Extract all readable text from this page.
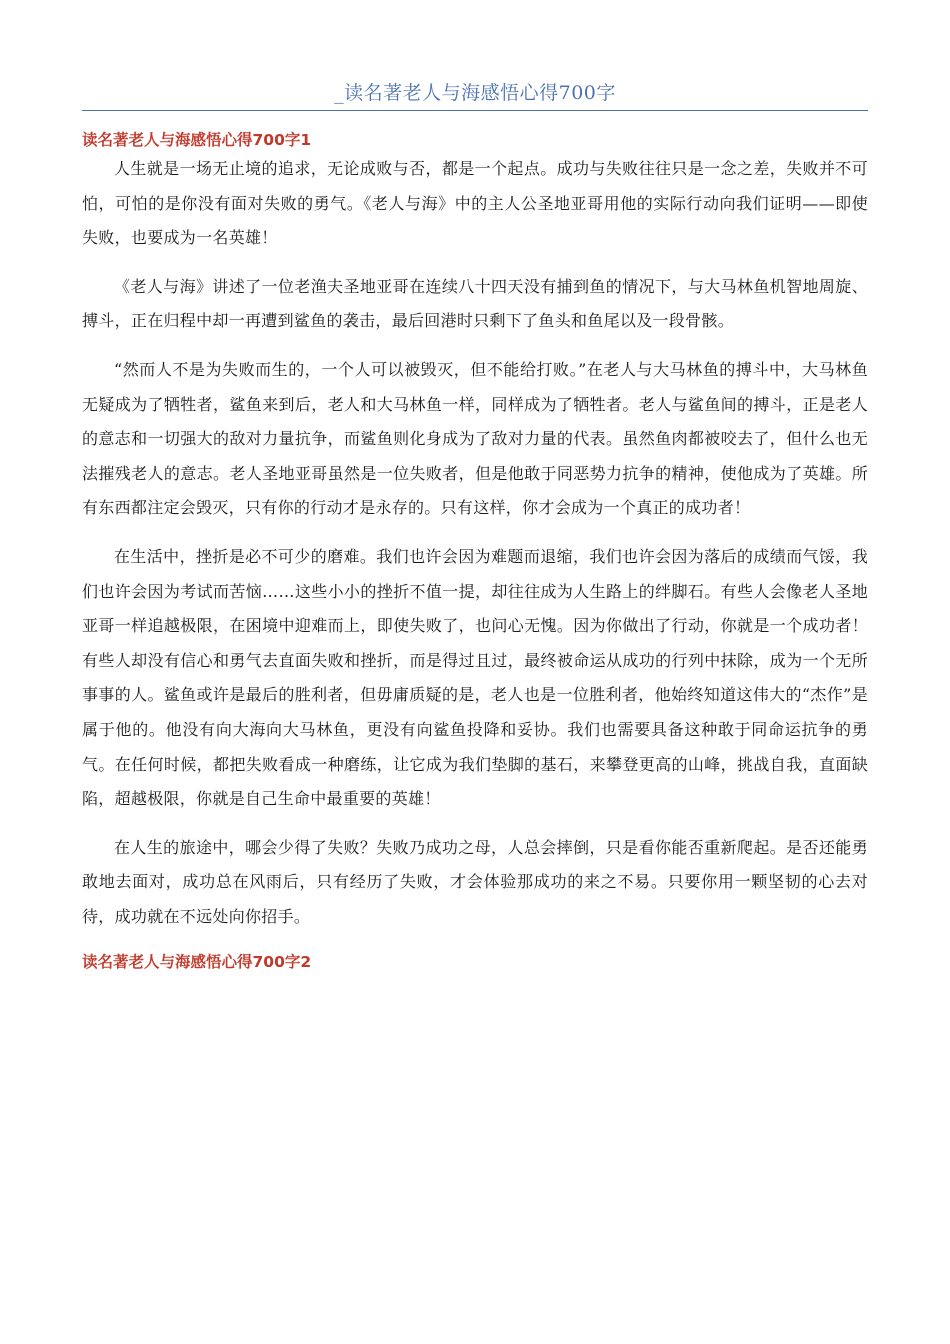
_读名著老人与海感悟心得700字
读名著老人与海感悟心得700字1

人生就是一场无止境的追求，无论成败与否，都是一个起点。成功与失败往往只是一念之差，失败并不可怕，可怕的是你没有面对失败的勇气。《老人与海》中的主人公圣地亚哥用他的实际行动向我们证明——即使失败，也要成为一名英雄！

《老人与海》讲述了一位老渔夫圣地亚哥在连续八十四天没有捕到鱼的情况下，与大马林鱼机智地周旋、搏斗，正在归程中却一再遭到鲨鱼的袭击，最后回港时只剩下了鱼头和鱼尾以及一段骨骸。

“然而人不是为失败而生的，一个人可以被毁灭，但不能给打败。”在老人与大马林鱼的搏斗中，大马林鱼无疑成为了牺牲者，鲨鱼来到后，老人和大马林鱼一样，同样成为了牺牲者。老人与鲨鱼间的搏斗，正是老人的意志和一切强大的敌对力量抗争，而鲨鱼则化身成为了敌对力量的代表。虽然鱼肉都被咬去了，但什么也无法摧残老人的意志。老人圣地亚哥虽然是一位失败者，但是他敢于同恶势力抗争的精神，使他成为了英雄。所有东西都注定会毁灭，只有你的行动才是永存的。只有这样，你才会成为一个真正的成功者！

在生活中，挫折是必不可少的磨难。我们也许会因为难题而退缩，我们也许会因为落后的成绩而气馁，我们也许会因为考试而苦恼……这些小小的挫折不值一提，却往往成为人生路上的绊脚石。有些人会像老人圣地亚哥一样追越极限，在困境中迎难而上，即使失败了，也问心无愧。因为你做出了行动，你就是一个成功者！有些人却没有信心和勇气去直面失败和挫折，而是得过且过，最终被命运从成功的行列中抹除，成为一个无所事事的人。鲨鱼或许是最后的胜利者，但毋庸质疑的是，老人也是一位胜利者，他始终知道这伟大的“杰作”是属于他的。他没有向大海向大马林鱼，更没有向鲨鱼投降和妥协。我们也需要具备这种敢于同命运抗争的勇气。在任何时候，都把失败看成一种磨练，让它成为我们垫脚的基石，来攀登更高的山峰，挑战自我，直面缺陷，超越极限，你就是自己生命中最重要的英雄！

在人生的旅途中，哪会少得了失败？失败乃成功之母，人总会摔倒，只是看你能否重新爬起。是否还能勇敢地去面对，成功总在风雨后，只有经历了失败，才会体验那成功的来之不易。只要你用一颗坚韧的心去对待，成功就在不远处向你招手。

读名著老人与海感悟心得700字2
